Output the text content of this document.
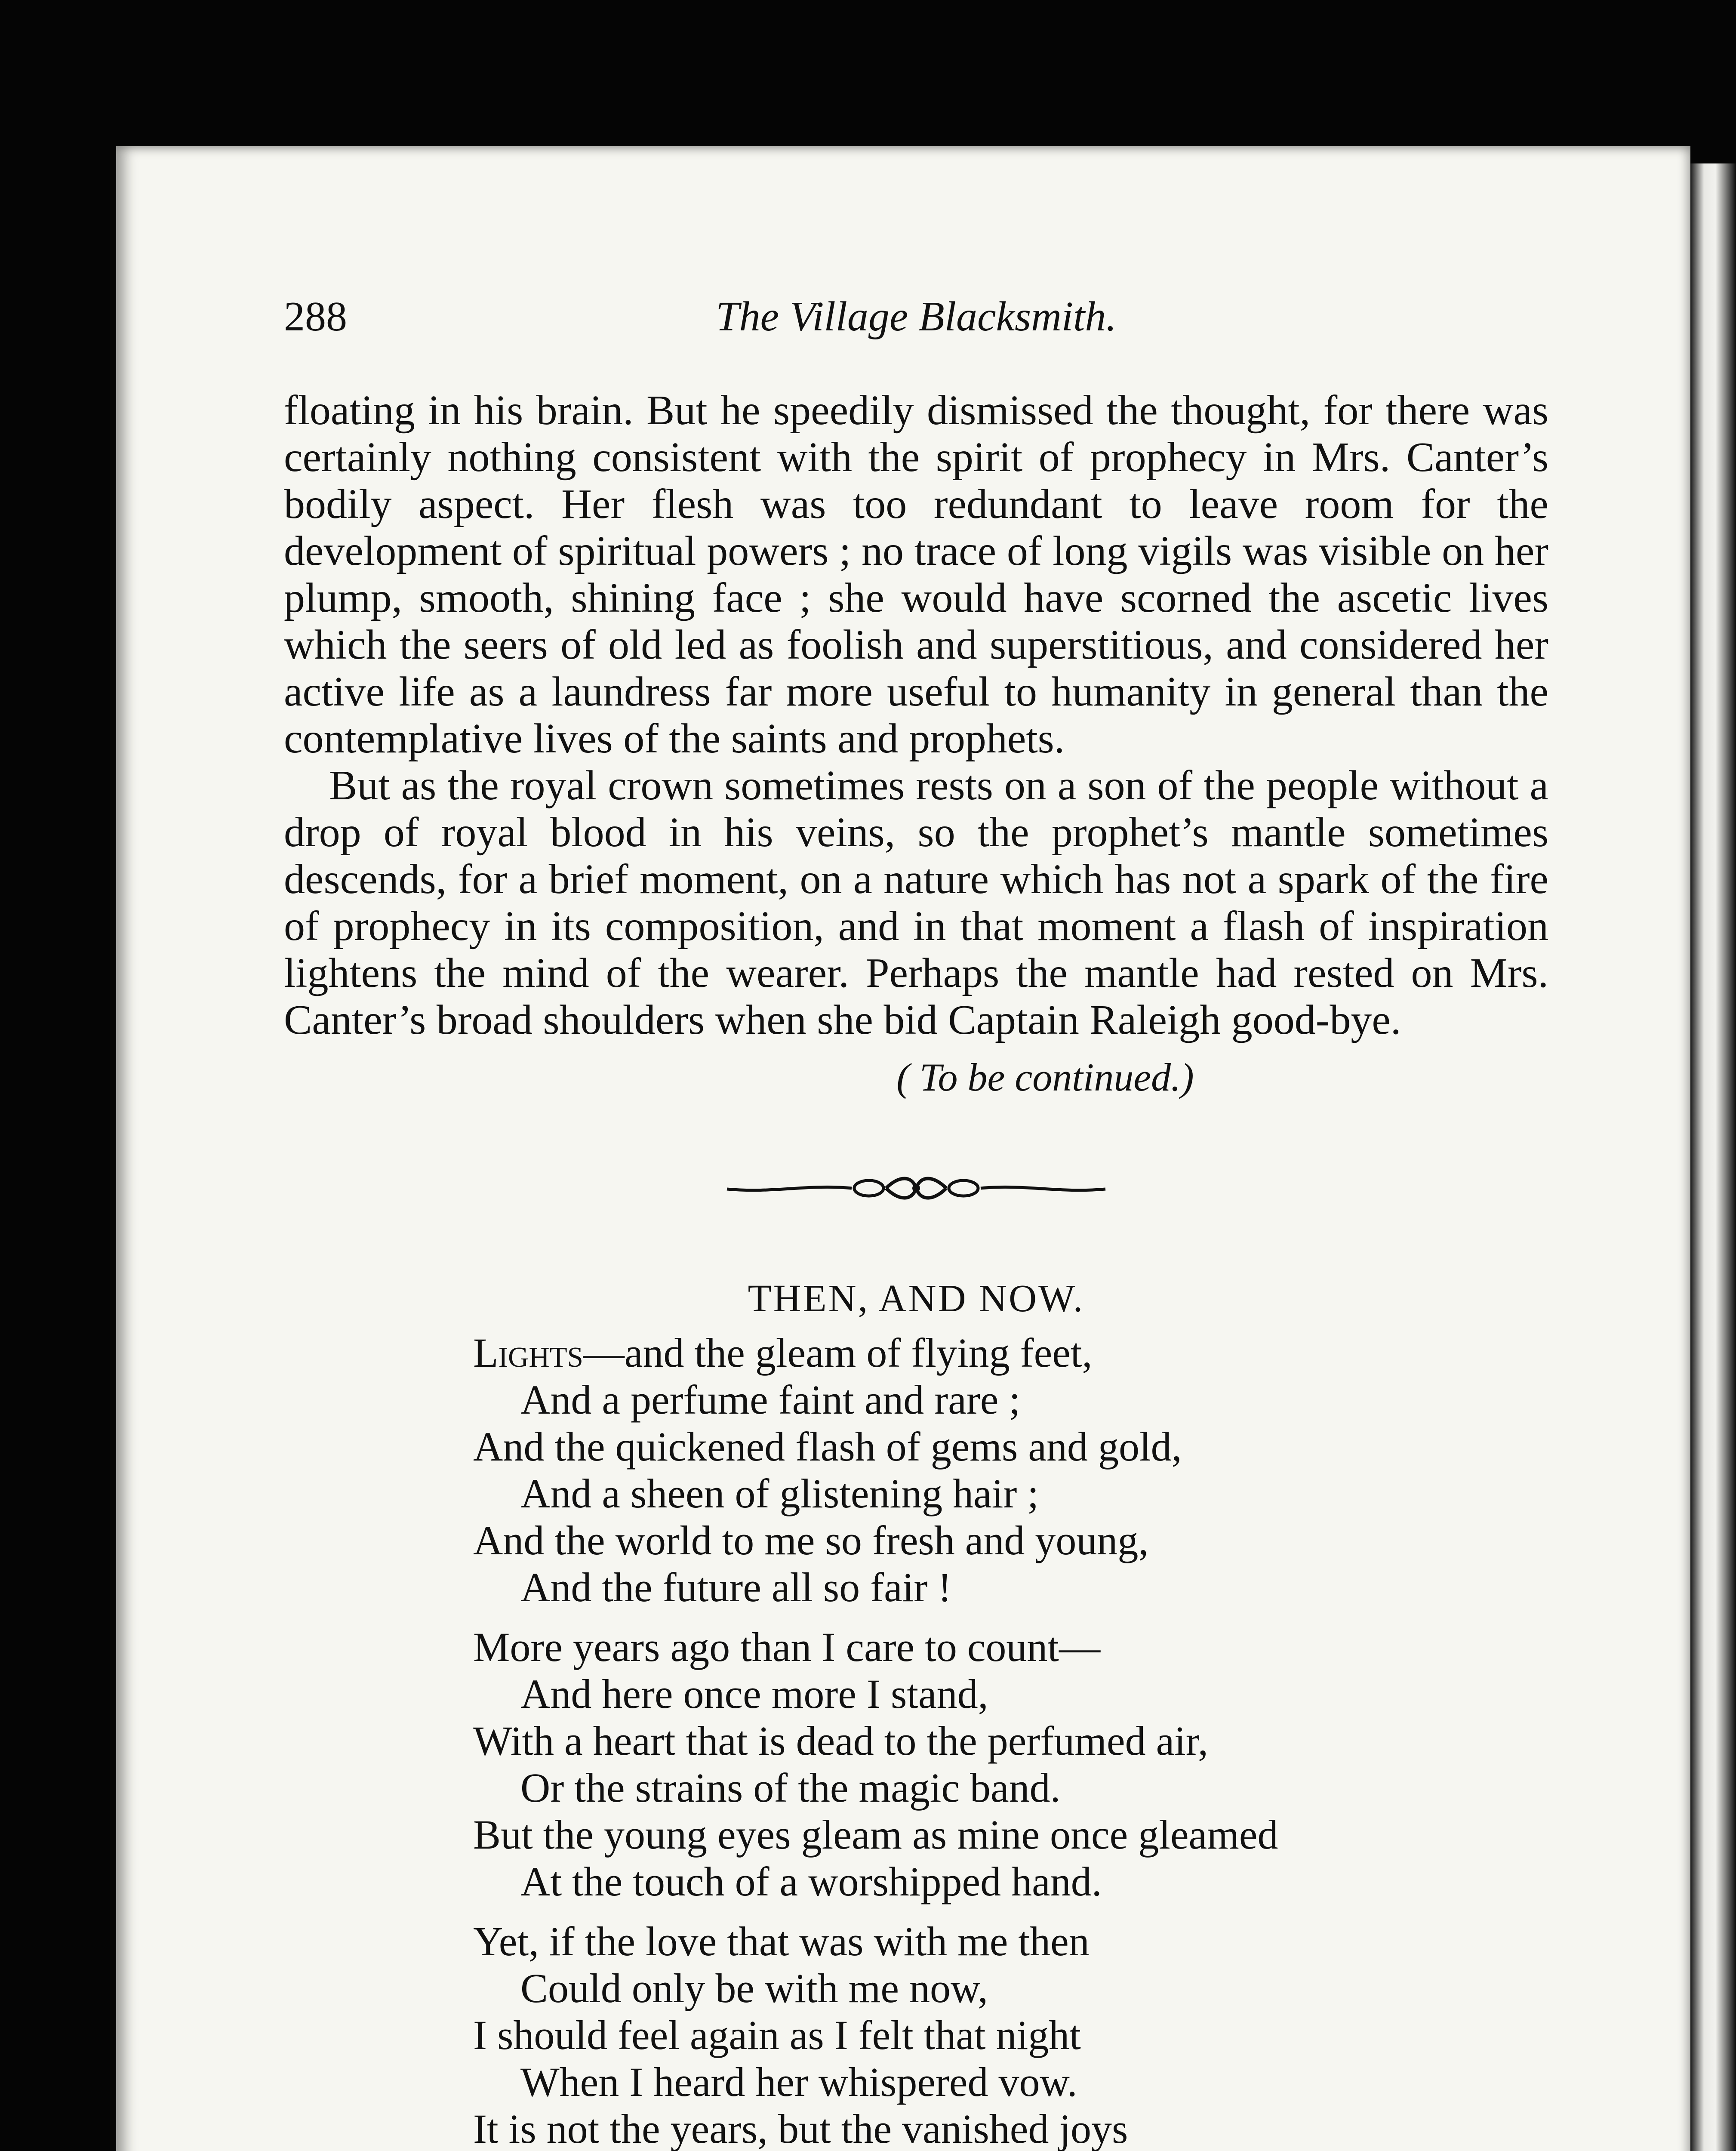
288	The Village Blacksmith.

floating in his brain. But he speedily dismissed the thought, for there was certainly nothing consistent with the spirit of prophecy in Mrs. Canter’s bodily aspect. Her flesh was too redundant to leave room for the development of spiritual powers ; no trace of long vigils was visible on her plump, smooth, shining face ; she would have scorned the ascetic lives which the seers of old led as foolish and superstitious, and considered her active life as a laundress far more useful to humanity in general than the contemplative lives of the saints and prophets.

But as the royal crown sometimes rests on a son of the people without a drop of royal blood in his veins, so the prophet’s mantle sometimes descends, for a brief moment, on a nature which has not a spark of the fire of prophecy in its composition, and in that moment a flash of inspiration lightens the mind of the wearer. Perhaps the mantle had rested on Mrs. Canter’s broad shoulders when she bid Captain Raleigh good-bye.

( To be continued.)
THEN, AND NOW.
Lights—and the gleam of flying feet,
And a perfume faint and rare ;
And the quickened flash of gems and gold,
And a sheen of glistening hair ;
And the world to me so fresh and young,
And the future all so fair !
More years ago than I care to count—
And here once more I stand,
With a heart that is dead to the perfumed air,
Or the strains of the magic band.
But the young eyes gleam as mine once gleamed
At the touch of a worshipped hand.
Yet, if the love that was with me then
Could only be with me now,
I should feel again as I felt that night
When I heard her whispered vow.
It is not the years, but the vanished joys
